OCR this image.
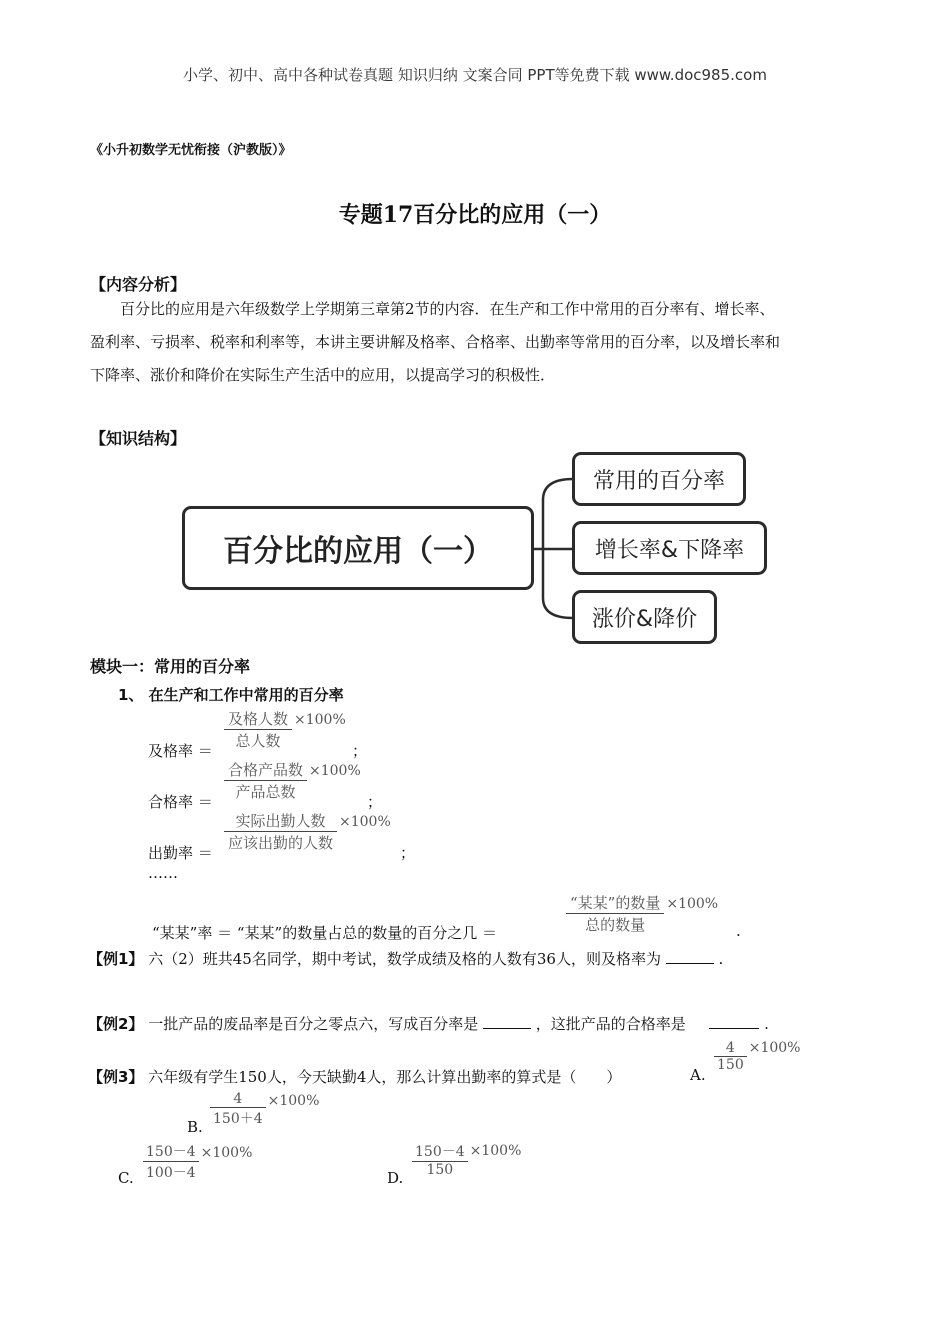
小学、初中、高中各种试卷真题 知识归纳 文案合同 PPT等免费下载 www.doc985.com
《小升初数学无忧衔接（沪教版）》
专题17百分比的应用（一）
【内容分析】
百分比的应用是六年级数学上学期第三章第2节的内容．在生产和工作中常用的百分率有、增长率、
盈利率、亏损率、税率和利率等，本讲主要讲解及格率、合格率、出勤率等常用的百分率，以及增长率和
下降率、涨价和降价在实际生产生活中的应用，以提高学习的积极性．
【知识结构】
百分比的应用（一）
常用的百分率
增长率&下降率
涨价&降价
模块一：常用的百分率
1、 在生产和工作中常用的百分率
及格率 ＝ $\frac{\text{及格人数}}{\text{总人数}} \times 100\%$
；
合格率 ＝
合格产品数
产品总数
×100%
；
出勤率 ＝
实际出勤人数
应该出勤的人数
×100%
；
……
“某某”率 ＝ “某某”的数量占总的数量的百分之几 ＝
“某某”的数量
总的数量
×100%
.
【例1】 六（2）班共45名同学，期中考试，数学成绩及格的人数有36人，则及格率为	.
【例2】 一批产品的废品率是百分之零点六，写成百分率是	，这批产品的合格率是	.
【例3】 六年级有学生150人，今天缺勤4人，那么计算出勤率的算式是（　　）	A.
$\frac{4}{150} \times 100\%$
B. $\frac{4}{150+4} \times 100\%$
C. $\frac{150-4}{100-4} \times 100\%$
D. $\frac{150-4}{150} \times 100\%$
